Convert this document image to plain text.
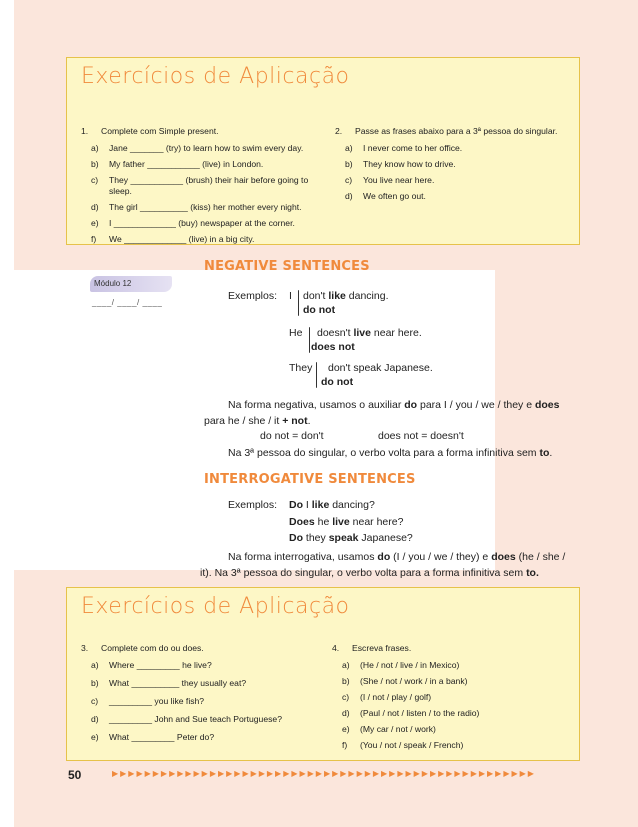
Exercícios de Aplicação
1. Complete com Simple present.
a) Jane _______ (try) to learn how to swim every day.
b) My father ___________ (live) in London.
c) They ___________ (brush) their hair before going to sleep.
d) The girl __________ (kiss) her mother every night.
e) I _____________ (buy) newspaper at the corner.
f) We _____________ (live) in a big city.
2. Passe as frases abaixo para a 3ª pessoa do singular.
a) I never come to her office.
b) They know how to drive.
c) You live near here.
d) We often go out.
Módulo 12
____/ ____/ ____
NEGATIVE SENTENCES
Exemplos: I don't like dancing.
do not
He doesn't live near here.
does not
They don't speak Japanese.
do not
Na forma negativa, usamos o auxiliar do para I / you / we / they e does
para he / she / it + not.
do not = don't	does not = doesn't
Na 3ª pessoa do singular, o verbo volta para a forma infinitiva sem to.
INTERROGATIVE SENTENCES
Exemplos: Do I like dancing?
Does he live near here?
Do they speak Japanese?
Na forma interrogativa, usamos do (I / you / we / they) e does (he / she /
it). Na 3ª pessoa do singular, o verbo volta para a forma infinitiva sem to.
Exercícios de Aplicação
3. Complete com do ou does.
a) Where _________ he live?
b) What __________ they usually eat?
c) _________ you like fish?
d) _________ John and Sue teach Portuguese?
e) What _________ Peter do?
4. Escreva frases.
a) (He / not / live / in Mexico)
b) (She / not / work / in a bank)
c) (I / not / play / golf)
d) (Paul / not / listen / to the radio)
e) (My car / not / work)
f) (You / not / speak / French)
50	▶▶▶▶▶▶▶▶▶▶▶▶▶▶▶▶▶▶▶▶▶▶▶▶▶▶▶▶▶▶▶▶▶▶▶▶▶▶▶▶▶▶▶▶▶▶▶▶▶▶▶▶
